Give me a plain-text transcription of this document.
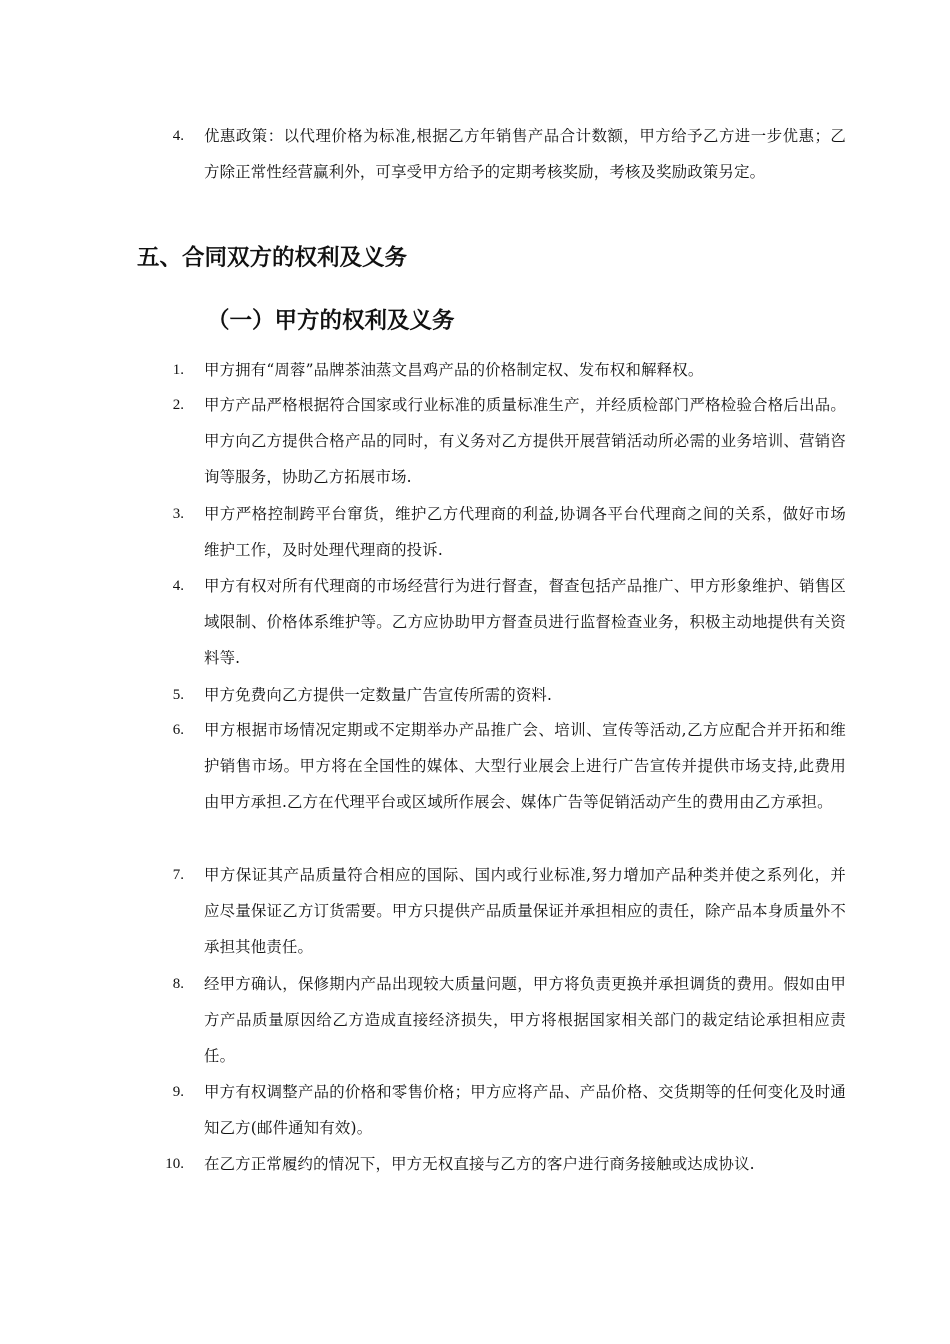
4. 优惠政策：以代理价格为标准,根据乙方年销售产品合计数额，甲方给予乙方进一步优惠；乙方除正常性经营赢利外，可享受甲方给予的定期考核奖励，考核及奖励政策另定。
五、合同双方的权利及义务
（一）甲方的权利及义务
1. 甲方拥有“周蓉”品牌茶油蒸文昌鸡产品的价格制定权、发布权和解释权。
2. 甲方产品严格根据符合国家或行业标准的质量标准生产，并经质检部门严格检验合格后出品。甲方向乙方提供合格产品的同时，有义务对乙方提供开展营销活动所必需的业务培训、营销咨询等服务，协助乙方拓展市场.
3. 甲方严格控制跨平台窜货，维护乙方代理商的利益,协调各平台代理商之间的关系，做好市场维护工作，及时处理代理商的投诉.
4. 甲方有权对所有代理商的市场经营行为进行督查，督查包括产品推广、甲方形象维护、销售区域限制、价格体系维护等。乙方应协助甲方督查员进行监督检查业务，积极主动地提供有关资料等.
5. 甲方免费向乙方提供一定数量广告宣传所需的资料.
6. 甲方根据市场情况定期或不定期举办产品推广会、培训、宣传等活动,乙方应配合并开拓和维护销售市场。甲方将在全国性的媒体、大型行业展会上进行广告宣传并提供市场支持,此费用由甲方承担.乙方在代理平台或区域所作展会、媒体广告等促销活动产生的费用由乙方承担。
7. 甲方保证其产品质量符合相应的国际、国内或行业标准,努力增加产品种类并使之系列化，并应尽量保证乙方订货需要。甲方只提供产品质量保证并承担相应的责任，除产品本身质量外不承担其他责任。
8. 经甲方确认，保修期内产品出现较大质量问题，甲方将负责更换并承担调货的费用。假如由甲方产品质量原因给乙方造成直接经济损失，甲方将根据国家相关部门的裁定结论承担相应责任。
9. 甲方有权调整产品的价格和零售价格；甲方应将产品、产品价格、交货期等的任何变化及时通知乙方(邮件通知有效)。
10. 在乙方正常履约的情况下，甲方无权直接与乙方的客户进行商务接触或达成协议.
